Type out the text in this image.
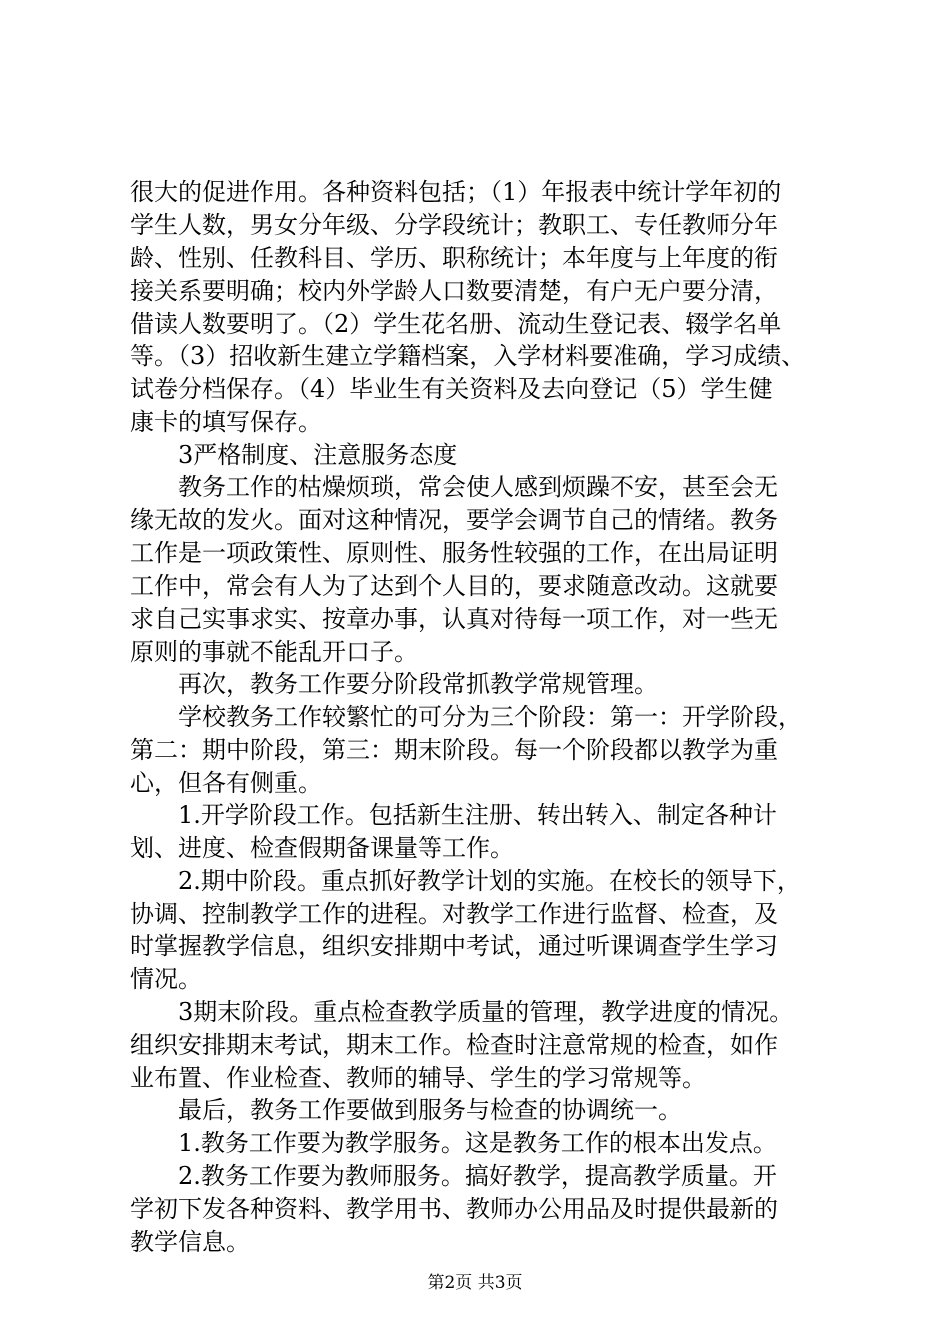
很大的促进作用。各种资料包括；（1）年报表中统计学年初的
学生人数，男女分年级、分学段统计；教职工、专任教师分年
龄、性别、任教科目、学历、职称统计；本年度与上年度的衔
接关系要明确；校内外学龄人口数要清楚，有户无户要分清，
借读人数要明了。（2）学生花名册、流动生登记表、辍学名单
等。（3）招收新生建立学籍档案，入学材料要准确，学习成绩、
试卷分档保存。（4）毕业生有关资料及去向登记（5）学生健
康卡的填写保存。
3严格制度、注意服务态度
教务工作的枯燥烦琐，常会使人感到烦躁不安，甚至会无
缘无故的发火。面对这种情况，要学会调节自己的情绪。教务
工作是一项政策性、原则性、服务性较强的工作，在出局证明
工作中，常会有人为了达到个人目的，要求随意改动。这就要
求自己实事求实、按章办事，认真对待每一项工作，对一些无
原则的事就不能乱开口子。
再次，教务工作要分阶段常抓教学常规管理。
学校教务工作较繁忙的可分为三个阶段：第一：开学阶段，
第二：期中阶段，第三：期末阶段。每一个阶段都以教学为重
心，但各有侧重。
1.开学阶段工作。包括新生注册、转出转入、制定各种计
划、进度、检查假期备课量等工作。
2.期中阶段。重点抓好教学计划的实施。在校长的领导下，
协调、控制教学工作的进程。对教学工作进行监督、检查，及
时掌握教学信息，组织安排期中考试，通过听课调查学生学习
情况。
3期末阶段。重点检查教学质量的管理，教学进度的情况。
组织安排期末考试，期末工作。检查时注意常规的检查，如作
业布置、作业检查、教师的辅导、学生的学习常规等。
最后，教务工作要做到服务与检查的协调统一。
1.教务工作要为教学服务。这是教务工作的根本出发点。
2.教务工作要为教师服务。搞好教学，提高教学质量。开
学初下发各种资料、教学用书、教师办公用品及时提供最新的
教学信息。
第2页 共3页
